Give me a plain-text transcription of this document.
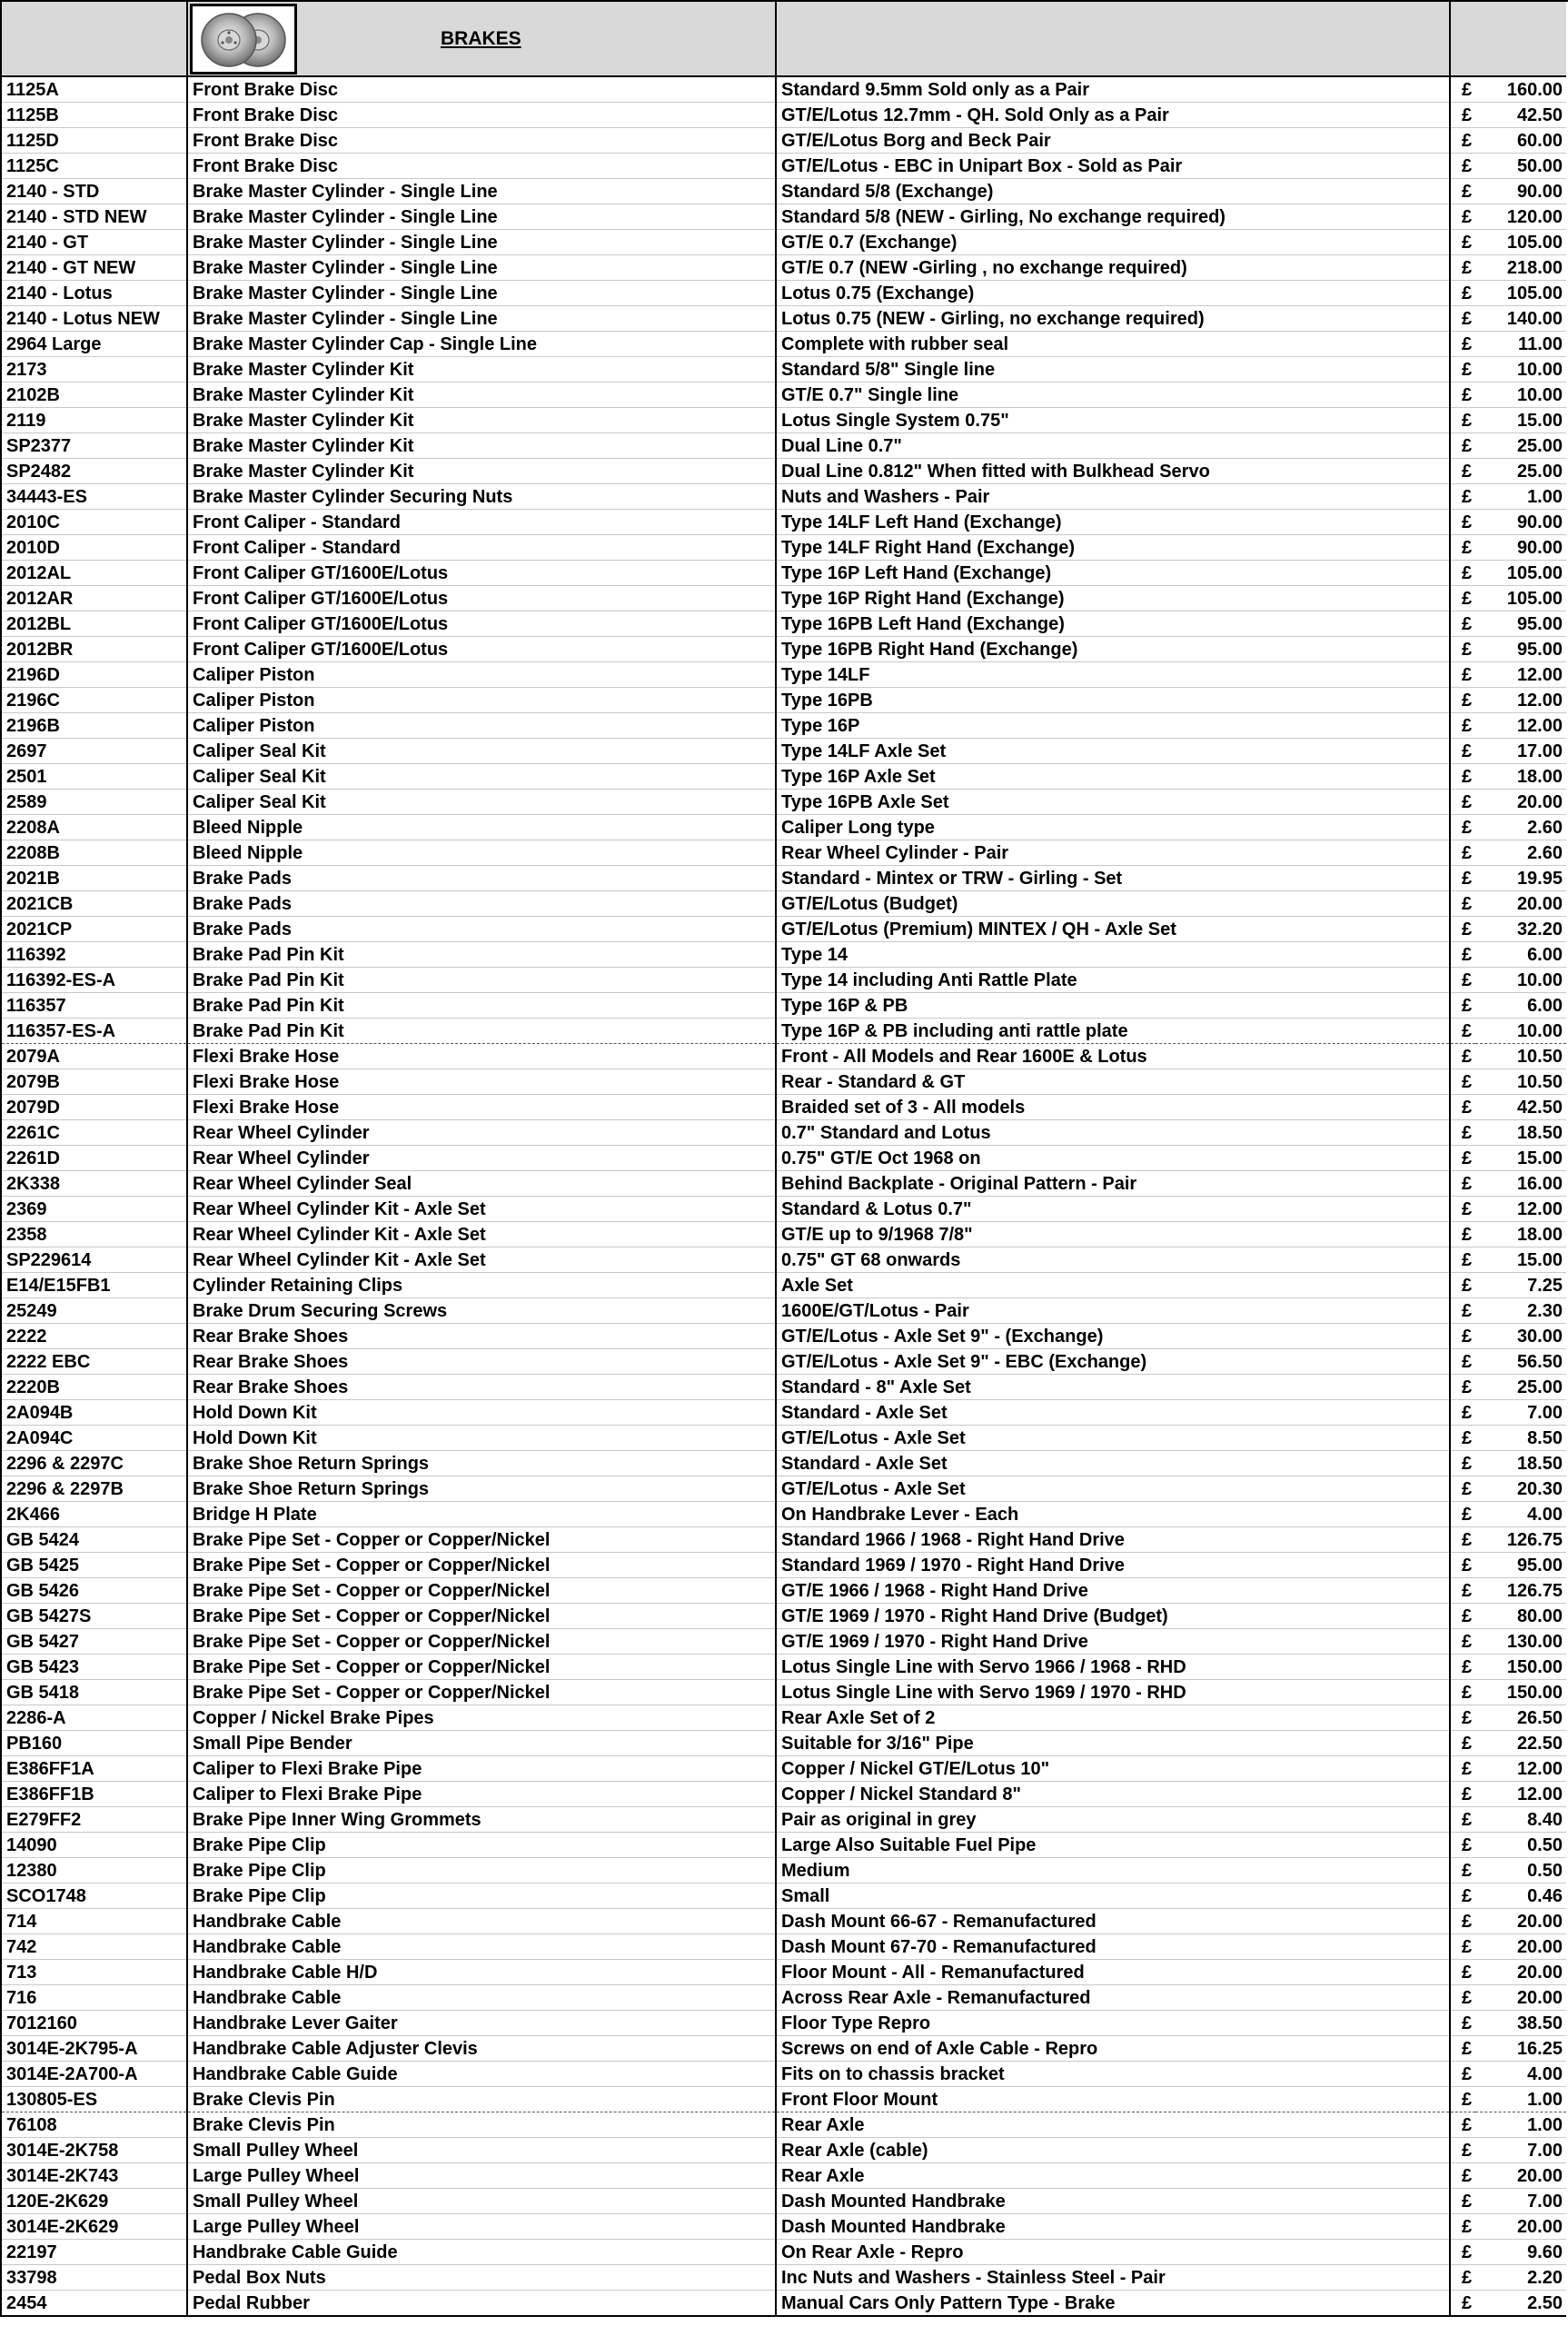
	BRAKES			

1125A	Front Brake Disc	Standard 9.5mm Sold only as a Pair	£	160.00
1125B	Front Brake Disc	GT/E/Lotus 12.7mm - QH. Sold Only as a Pair	£	42.50
1125D	Front Brake Disc	GT/E/Lotus Borg and Beck Pair	£	60.00
1125C	Front Brake Disc	GT/E/Lotus - EBC in Unipart Box - Sold as Pair	£	50.00
2140 - STD	Brake Master Cylinder - Single Line	Standard 5/8 (Exchange)	£	90.00
2140 - STD NEW	Brake Master Cylinder - Single Line	Standard 5/8 (NEW - Girling, No exchange required)	£	120.00
2140 - GT	Brake Master Cylinder - Single Line	GT/E 0.7 (Exchange)	£	105.00
2140 - GT NEW	Brake Master Cylinder - Single Line	GT/E 0.7 (NEW -Girling , no exchange required)	£	218.00
2140 - Lotus	Brake Master Cylinder - Single Line	Lotus 0.75 (Exchange)	£	105.00
2140 - Lotus NEW	Brake Master Cylinder - Single Line	Lotus 0.75 (NEW - Girling, no exchange required)	£	140.00
2964 Large	Brake Master Cylinder Cap - Single Line	Complete with rubber seal	£	11.00
2173	Brake Master Cylinder Kit	Standard 5/8" Single line	£	10.00
2102B	Brake Master Cylinder Kit	GT/E 0.7" Single line	£	10.00
2119	Brake Master Cylinder Kit	Lotus Single System 0.75"	£	15.00
SP2377	Brake Master Cylinder Kit	Dual Line 0.7"	£	25.00
SP2482	Brake Master Cylinder Kit	Dual Line 0.812" When fitted with Bulkhead Servo	£	25.00
34443-ES	Brake Master Cylinder Securing Nuts	Nuts and Washers - Pair	£	1.00
2010C	Front Caliper - Standard	Type 14LF Left Hand (Exchange)	£	90.00
2010D	Front Caliper - Standard	Type 14LF Right Hand (Exchange)	£	90.00
2012AL	Front Caliper GT/1600E/Lotus	Type 16P Left Hand (Exchange)	£	105.00
2012AR	Front Caliper GT/1600E/Lotus	Type 16P Right Hand (Exchange)	£	105.00
2012BL	Front Caliper GT/1600E/Lotus	Type 16PB Left Hand (Exchange)	£	95.00
2012BR	Front Caliper GT/1600E/Lotus	Type 16PB Right Hand (Exchange)	£	95.00
2196D	Caliper Piston	Type 14LF	£	12.00
2196C	Caliper Piston	Type 16PB	£	12.00
2196B	Caliper Piston	Type 16P	£	12.00
2697	Caliper Seal Kit	Type 14LF Axle Set	£	17.00
2501	Caliper Seal Kit	Type 16P Axle Set	£	18.00
2589	Caliper Seal Kit	Type 16PB Axle Set	£	20.00
2208A	Bleed Nipple	Caliper Long type	£	2.60
2208B	Bleed Nipple	Rear Wheel Cylinder - Pair	£	2.60
2021B	Brake Pads	Standard - Mintex or TRW - Girling - Set	£	19.95
2021CB	Brake Pads	GT/E/Lotus (Budget)	£	20.00
2021CP	Brake Pads	GT/E/Lotus (Premium) MINTEX / QH - Axle Set	£	32.20
116392	Brake Pad Pin Kit	Type 14	£	6.00
116392-ES-A	Brake Pad Pin Kit	Type 14 including Anti Rattle Plate	£	10.00
116357	Brake Pad Pin Kit	Type 16P & PB	£	6.00
116357-ES-A	Brake Pad Pin Kit	Type 16P & PB including anti rattle plate	£	10.00
2079A	Flexi Brake Hose	Front - All Models and Rear 1600E & Lotus	£	10.50
2079B	Flexi Brake Hose	Rear - Standard & GT	£	10.50
2079D	Flexi Brake Hose	Braided set of 3 - All models	£	42.50
2261C	Rear Wheel Cylinder	0.7" Standard and Lotus	£	18.50
2261D	Rear Wheel Cylinder	0.75" GT/E Oct 1968 on	£	15.00
2K338	Rear Wheel Cylinder Seal	Behind Backplate - Original Pattern - Pair	£	16.00
2369	Rear Wheel Cylinder Kit - Axle Set	Standard & Lotus 0.7"	£	12.00
2358	Rear Wheel Cylinder Kit - Axle Set	GT/E up to 9/1968 7/8"	£	18.00
SP229614	Rear Wheel Cylinder Kit - Axle Set	0.75" GT 68 onwards	£	15.00
E14/E15FB1	Cylinder Retaining Clips	Axle Set	£	7.25
25249	Brake Drum Securing Screws	1600E/GT/Lotus - Pair	£	2.30
2222	Rear Brake Shoes	GT/E/Lotus - Axle Set 9" - (Exchange)	£	30.00
2222 EBC	Rear Brake Shoes	GT/E/Lotus - Axle Set 9" - EBC (Exchange)	£	56.50
2220B	Rear Brake Shoes	Standard - 8" Axle Set	£	25.00
2A094B	Hold Down Kit	Standard - Axle Set	£	7.00
2A094C	Hold Down Kit	GT/E/Lotus - Axle Set	£	8.50
2296 & 2297C	Brake Shoe Return Springs	Standard - Axle Set	£	18.50
2296 & 2297B	Brake Shoe Return Springs	GT/E/Lotus - Axle Set	£	20.30
2K466	Bridge H Plate	On Handbrake Lever - Each	£	4.00
GB 5424	Brake Pipe Set - Copper or Copper/Nickel	Standard 1966 / 1968 - Right Hand Drive	£	126.75
GB 5425	Brake Pipe Set - Copper or Copper/Nickel	Standard 1969 / 1970 - Right Hand Drive	£	95.00
GB 5426	Brake Pipe Set - Copper or Copper/Nickel	GT/E 1966 / 1968 - Right Hand Drive	£	126.75
GB 5427S	Brake Pipe Set - Copper or Copper/Nickel	GT/E 1969 / 1970 - Right Hand Drive (Budget)	£	80.00
GB 5427	Brake Pipe Set - Copper or Copper/Nickel	GT/E 1969 / 1970 - Right Hand Drive	£	130.00
GB 5423	Brake Pipe Set - Copper or Copper/Nickel	Lotus Single Line with Servo 1966 / 1968 - RHD	£	150.00
GB 5418	Brake Pipe Set - Copper or Copper/Nickel	Lotus Single Line with Servo 1969 / 1970 - RHD	£	150.00
2286-A	Copper / Nickel Brake Pipes	Rear Axle Set of 2	£	26.50
PB160	Small Pipe Bender	Suitable for 3/16" Pipe	£	22.50
E386FF1A	Caliper to Flexi Brake Pipe	Copper / Nickel GT/E/Lotus 10"	£	12.00
E386FF1B	Caliper to Flexi Brake Pipe	Copper / Nickel Standard 8"	£	12.00
E279FF2	Brake Pipe Inner Wing Grommets	Pair as original in grey	£	8.40
14090	Brake Pipe Clip	Large Also Suitable Fuel Pipe	£	0.50
12380	Brake Pipe Clip	Medium	£	0.50
SCO1748	Brake Pipe Clip	Small	£	0.46
714	Handbrake Cable	Dash Mount 66-67 - Remanufactured	£	20.00
742	Handbrake Cable	Dash Mount 67-70 - Remanufactured	£	20.00
713	Handbrake Cable H/D	Floor Mount - All - Remanufactured	£	20.00
716	Handbrake Cable	Across Rear Axle - Remanufactured	£	20.00
7012160	Handbrake Lever Gaiter	Floor Type Repro	£	38.50
3014E-2K795-A	Handbrake Cable Adjuster Clevis	Screws on end of Axle Cable - Repro	£	16.25
3014E-2A700-A	Handbrake Cable Guide	Fits on to chassis bracket	£	4.00
130805-ES	Brake Clevis Pin	Front Floor Mount	£	1.00
76108	Brake Clevis Pin	Rear Axle	£	1.00
3014E-2K758	Small Pulley Wheel	Rear Axle (cable)	£	7.00
3014E-2K743	Large Pulley Wheel	Rear Axle	£	20.00
120E-2K629	Small Pulley Wheel	Dash Mounted Handbrake	£	7.00
3014E-2K629	Large Pulley Wheel	Dash Mounted Handbrake	£	20.00
22197	Handbrake Cable Guide	On Rear Axle - Repro	£	9.60
33798	Pedal Box Nuts	Inc Nuts and Washers - Stainless Steel - Pair	£	2.20
2454	Pedal Rubber	Manual Cars Only Pattern Type - Brake	£	2.50
